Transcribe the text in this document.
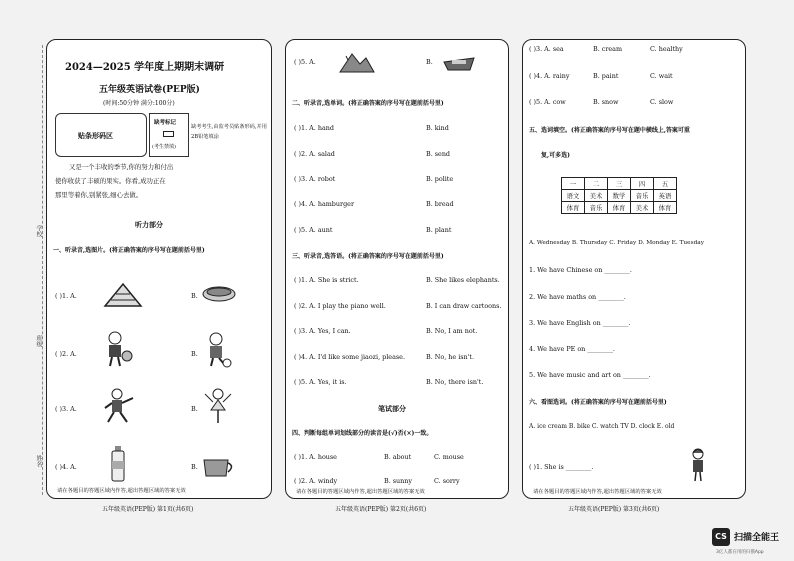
学校
班级
姓名
2024—2025 学年度上期期末调研
五年级英语试卷(PEP版)
(时间:50分钟 满分:100分)
贴条形码区
缺考标记
(考生禁填)
缺考考生,由监考员贴条形码,并用2B铅笔填涂
又是一个丰收的季节,你的努力和付出
使你收获了丰硕的果实。你看,成功正在
那里等着你,别紧张,细心去做。
听力部分
一、听录音,选图片。(将正确答案的序号写在题前括号里)
( )1. A.	B.
( )2. A.	B.
( )3. A.	B.
( )4. A.	B.
请在各题目的答题区域内作答,超出答题区域的答案无效
五年级英语(PEP版) 第1页(共6页)
( )5. A.	B.
二、听录音,选单词。(将正确答案的序号写在题前括号里)
( )1. A. hand	B. kind
( )2. A. salad	B. send
( )3. A. robot	B. polite
( )4. A. hamburger	B. bread
( )5. A. aunt	B. plant
三、听录音,选答语。(将正确答案的序号写在题前括号里)
( )1. A. She is strict.	B. She likes elephants.
( )2. A. I play the piano well.	B. I can draw cartoons.
( )3. A. Yes, I can.	B. No, I am not.
( )4. A. I'd like some jiaozi, please.	B. No, he isn't.
( )5. A. Yes, it is.	B. No, there isn't.
笔试部分
四、判断每组单词划线部分的读音是(√)否(×)一致。
( )1. A. house	B. about	C. mouse
( )2. A. windy	B. sunny	C. sorry
请在各题目的答题区域内作答,超出答题区域的答案无效
五年级英语(PEP版) 第2页(共6页)
( )3. A. sea	B. cream	C. healthy
( )4. A. rainy	B. paint	C. wait
( )5. A. cow	B. snow	C. slow
五、选词填空。(将正确答案的序号写在题中横线上,答案可重
复,可多选)
一	二	三	四	五
语文	美术	数学	音乐	英语
体育	音乐	体育	美术	体育
A. Wednesday B. Thursday C. Friday D. Monday E. Tuesday
1. We have Chinese on ________.
2. We have maths on ________.
3. We have English on ________.
4. We have PE on ________.
5. We have music and art on ________.
六、看图选词。(将正确答案的序号写在题前括号里)
A. ice cream B. bike C. watch TV D. clock E. old
( )1. She is ________.
请在各题目的答题区域内作答,超出答题区域的答案无效
五年级英语(PEP版) 第3页(共6页)
CS 扫描全能王
3亿人都在用的扫描App
